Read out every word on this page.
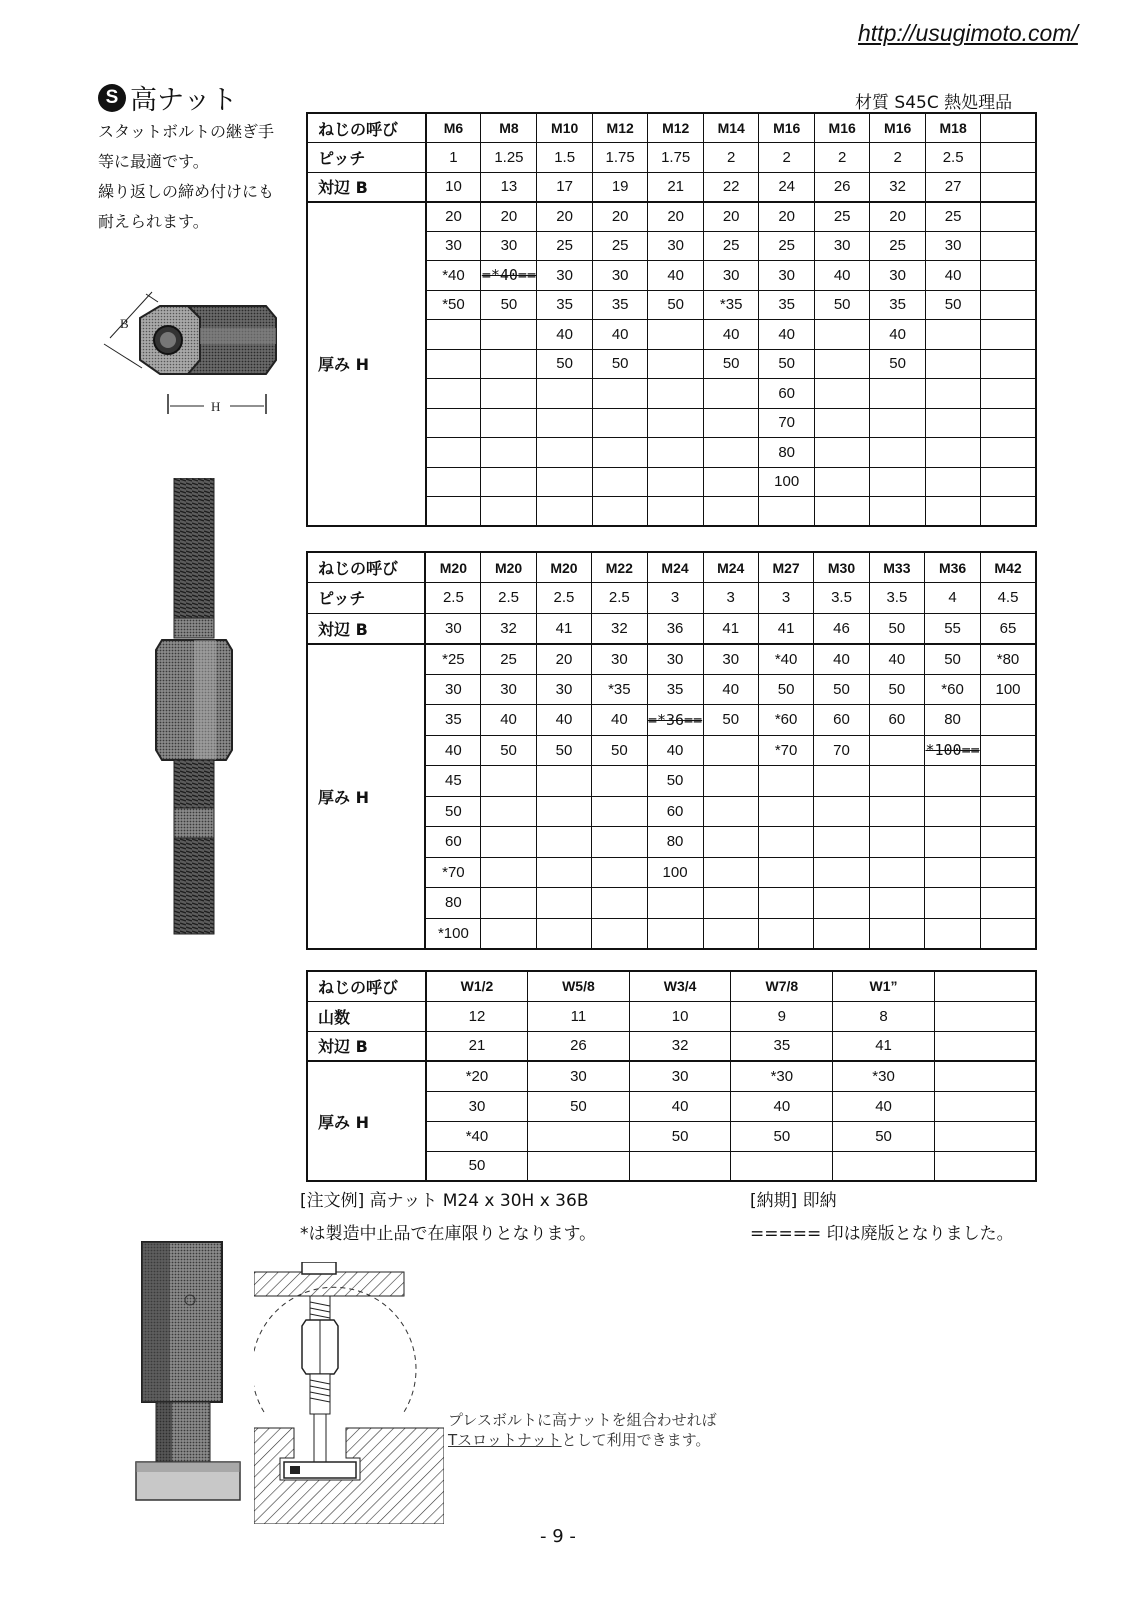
http://usugimoto.com/
S 高ナット	材質 S45C 熱処理品
スタットボルトの継ぎ手
等に最適です。
繰り返しの締め付けにも
耐えられます。
B
H
ねじの呼び	M6	M8	M10	M12	M12	M14	M16	M16	M16	M18	
ピッチ	1	1.25	1.5	1.75	1.75	2	2	2	2	2.5	
対辺 B	10	13	17	19	21	22	24	26	32	27	
厚み H	20	20	20	20	20	20	20	25	20	25	
	30	30	25	25	30	25	25	30	25	30	
	*40	=*40==	30	30	40	30	30	40	30	40	
	*50	50	35	35	50	*35	35	50	35	50	
			40	40		40	40		40		
			50	50		50	50		50		
							60				
							70				
							80				
							100				

ねじの呼び	M20	M20	M20	M22	M24	M24	M27	M30	M33	M36	M42
ピッチ	2.5	2.5	2.5	2.5	3	3	3	3.5	3.5	4	4.5
対辺 B	30	32	41	32	36	41	41	46	50	55	65
厚み H	*25	25	20	30	30	30	*40	40	40	50	*80
	30	30	30	*35	35	40	50	50	50	*60	100
	35	40	40	40	=*36==	50	*60	60	60	80	
	40	50	50	50	40		*70	70		*100==	
	45				50						
	50				60						
	60				80						
	*70				100						
	80										
	*100										
ねじの呼び	W1/2	W5/8	W3/4	W7/8	W1”	
山数	12	11	10	9	8	
対辺 B	21	26	32	35	41	
厚み H	*20	30	30	*30	*30	
	30	50	40	40	40	
	*40		50	50	50	
	50					
[注文例] 高ナット M24 x 30H x 36B	[納期] 即納
*は製造中止品で在庫限りとなります。	===== 印は廃版となりました。
プレスボルトに高ナットを組合わせれば
Tスロットナットとして利用できます。
- 9 -
